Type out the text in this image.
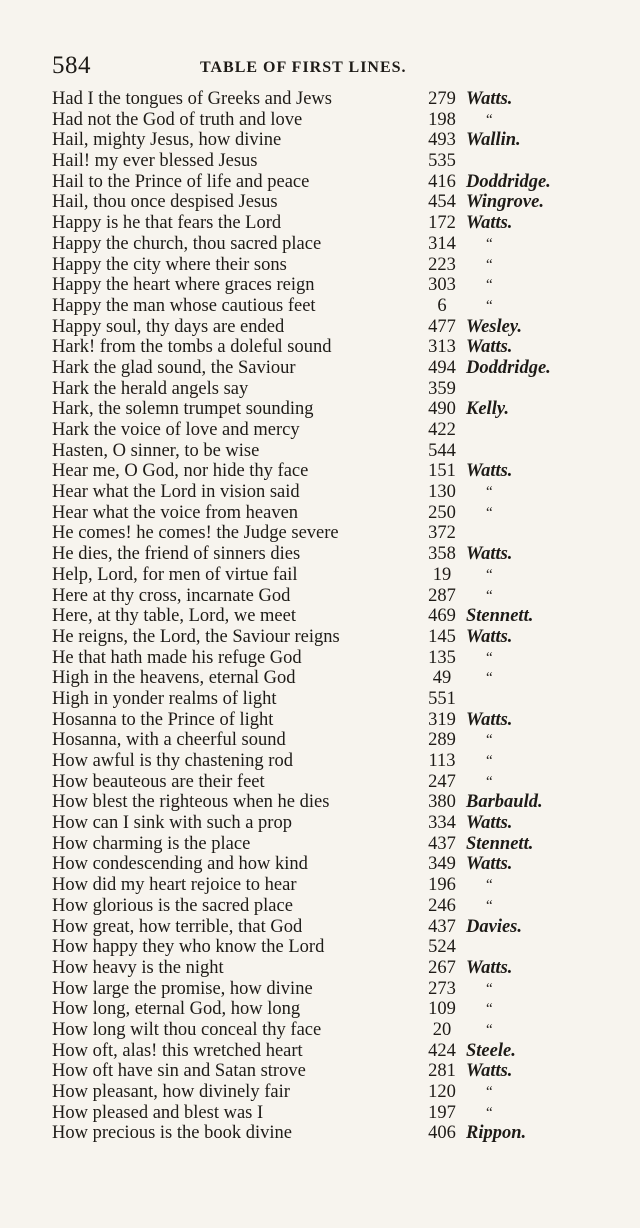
584	TABLE OF FIRST LINES.
Had I the tongues of Greeks and Jews	279 Watts.
Had not the God of truth and love	198	“
Hail, mighty Jesus, how divine	493 Wallin.
Hail! my ever blessed Jesus	535
Hail to the Prince of life and peace	416 Doddridge.
Hail, thou once despised Jesus	454 Wingrove.
Happy is he that fears the Lord	172 Watts.
Happy the church, thou sacred place	314	“
Happy the city where their sons	223	“
Happy the heart where graces reign	303	“
Happy the man whose cautious feet	6	“
Happy soul, thy days are ended	477 Wesley.
Hark! from the tombs a doleful sound	313 Watts.
Hark the glad sound, the Saviour	494 Doddridge.
Hark the herald angels say	359
Hark, the solemn trumpet sounding	490 Kelly.
Hark the voice of love and mercy	422
Hasten, O sinner, to be wise	544
Hear me, O God, nor hide thy face	151 Watts.
Hear what the Lord in vision said	130	“
Hear what the voice from heaven	250	“
He comes! he comes! the Judge severe	372
He dies, the friend of sinners dies	358 Watts.
Help, Lord, for men of virtue fail	19	“
Here at thy cross, incarnate God	287	“
Here, at thy table, Lord, we meet	469 Stennett.
He reigns, the Lord, the Saviour reigns	145 Watts.
He that hath made his refuge God	135	“
High in the heavens, eternal God	49	“
High in yonder realms of light	551
Hosanna to the Prince of light	319 Watts.
Hosanna, with a cheerful sound	289	“
How awful is thy chastening rod	113	“
How beauteous are their feet	247	“
How blest the righteous when he dies	380 Barbauld.
How can I sink with such a prop	334 Watts.
How charming is the place	437 Stennett.
How condescending and how kind	349 Watts.
How did my heart rejoice to hear	196	“
How glorious is the sacred place	246	“
How great, how terrible, that God	437 Davies.
How happy they who know the Lord	524
How heavy is the night	267 Watts.
How large the promise, how divine	273	“
How long, eternal God, how long	109	“
How long wilt thou conceal thy face	20	“
How oft, alas! this wretched heart	424 Steele.
How oft have sin and Satan strove	281 Watts.
How pleasant, how divinely fair	120	“
How pleased and blest was I	197	“
How precious is the book divine	406 Rippon.
